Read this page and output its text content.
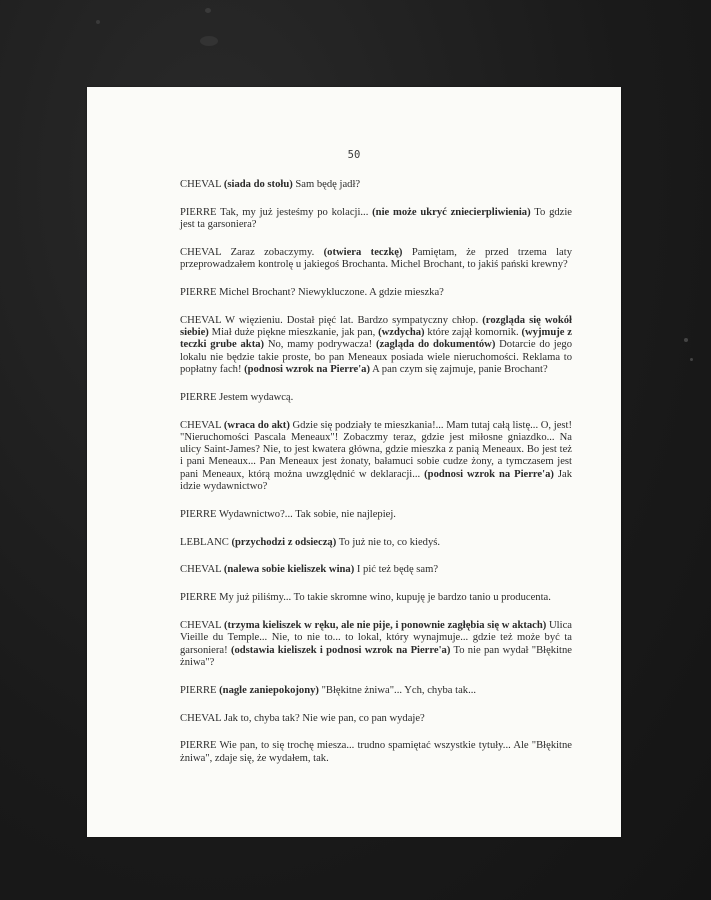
50

CHEVAL (siada do stołu) Sam będę jadł?

PIERRE Tak, my już jesteśmy po kolacji... (nie może ukryć zniecierpliwienia) To gdzie jest ta garsoniera?

CHEVAL Zaraz zobaczymy. (otwiera teczkę) Pamiętam, że przed trzema laty przeprowadzałem kontrolę u jakiegoś Brochanta. Michel Brochant, to jakiś pański krewny?

PIERRE Michel Brochant? Niewykluczone. A gdzie mieszka?

CHEVAL W więzieniu. Dostał pięć lat. Bardzo sympatyczny chłop. (rozgląda się wokół siebie) Miał duże piękne mieszkanie, jak pan, (wzdycha) które zajął komornik. (wyjmuje z teczki grube akta) No, mamy podrywacza! (zagląda do dokumentów) Dotarcie do jego lokalu nie będzie takie proste, bo pan Meneaux posiada wiele nieruchomości. Reklama to popłatny fach! (podnosi wzrok na Pierre'a) A pan czym się zajmuje, panie Brochant?

PIERRE Jestem wydawcą.

CHEVAL (wraca do akt) Gdzie się podziały te mieszkania!... Mam tutaj całą listę... O, jest! "Nieruchomości Pascala Meneaux"! Zobaczmy teraz, gdzie jest miłosne gniazdko... Na ulicy Saint-James? Nie, to jest kwatera główna, gdzie mieszka z panią Meneaux. Bo jest też i pani Meneaux... Pan Meneaux jest żonaty, bałamuci sobie cudze żony, a tymczasem jest pani Meneaux, którą można uwzględnić w deklaracji... (podnosi wzrok na Pierre'a) Jak idzie wydawnictwo?

PIERRE Wydawnictwo?... Tak sobie, nie najlepiej.

LEBLANC (przychodzi z odsieczą) To już nie to, co kiedyś.

CHEVAL (nalewa sobie kieliszek wina) I pić też będę sam?

PIERRE My już piliśmy... To takie skromne wino, kupuję je bardzo tanio u producenta.

CHEVAL (trzyma kieliszek w ręku, ale nie pije, i ponownie zagłębia się w aktach) Ulica Vieille du Temple... Nie, to nie to... to lokal, który wynajmuje... gdzie też może być ta garsoniera! (odstawia kieliszek i podnosi wzrok na Pierre'a) To nie pan wydał "Błękitne żniwa"?

PIERRE (nagle zaniepokojony) "Błękitne żniwa"... Ych, chyba tak...

CHEVAL Jak to, chyba tak? Nie wie pan, co pan wydaje?

PIERRE Wie pan, to się trochę miesza... trudno spamiętać wszystkie tytuły... Ale "Błękitne żniwa", zdaje się, że wydałem, tak.
